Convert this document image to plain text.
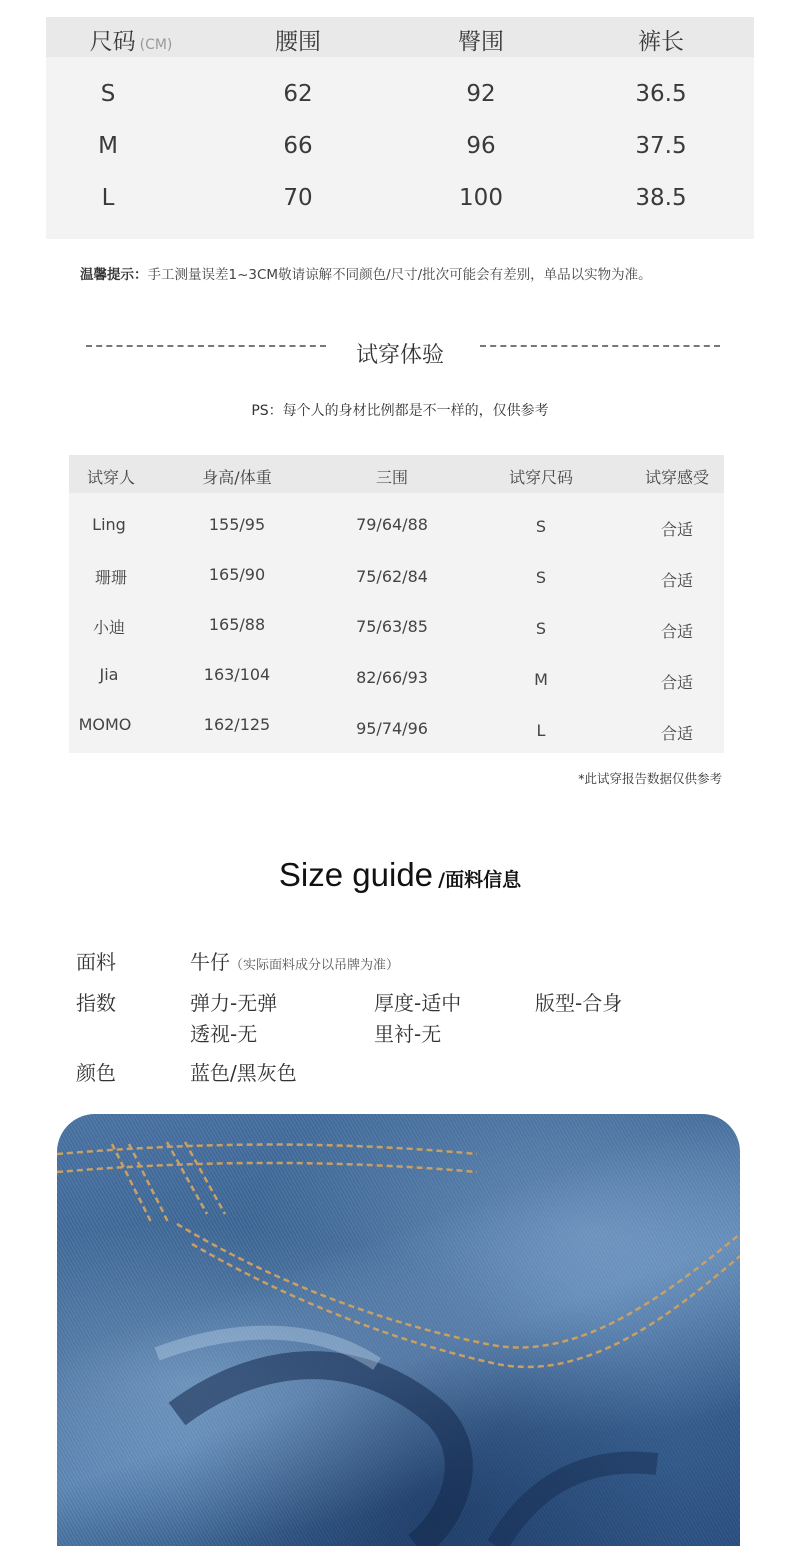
尺码 (CM)	腰围	臀围	裤长
S	62	92	36.5
M	66	96	37.5
L	70	100	38.5
温馨提示：手工测量误差1~3CM敬请谅解不同颜色/尺寸/批次可能会有差别，单品以实物为准。
试穿体验
PS：每个人的身材比例都是不一样的，仅供参考
试穿人	身高/体重	三围	试穿尺码	试穿感受
Ling	155/95	79/64/88	S	合适
珊珊	165/90	75/62/84	S	合适
小迪	165/88	75/63/85	S	合适
Jia	163/104	82/66/93	M	合适
MOMO	162/125	95/74/96	L	合适
*此试穿报告数据仅供参考
Size guide /面料信息
面料	牛仔（实际面料成分以吊牌为准）
指数	弹力-无弹	厚度-适中	版型-合身
透视-无	里衬-无
颜色	蓝色/黑灰色
